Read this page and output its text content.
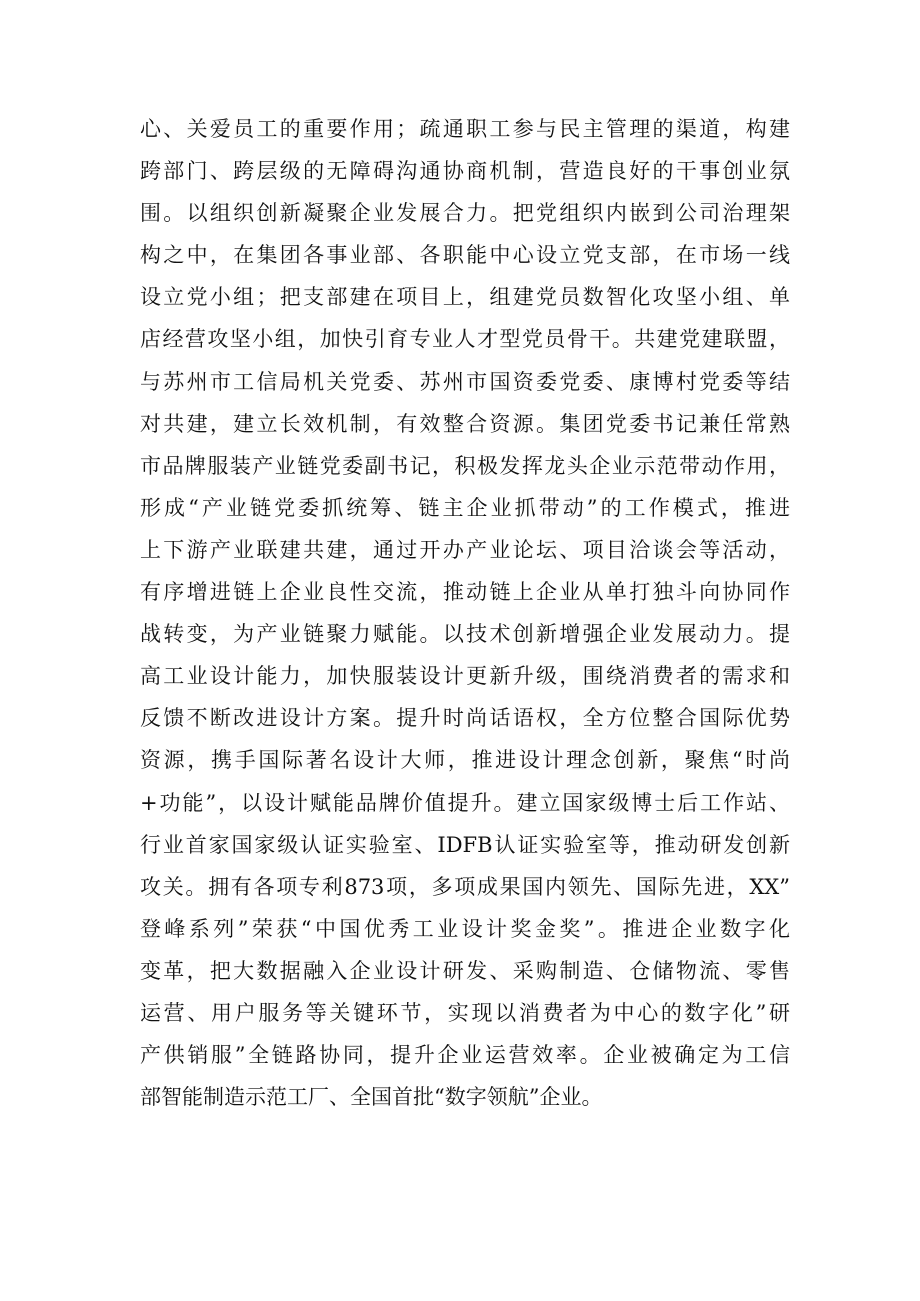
心、关爱员工的重要作用；疏通职工参与民主管理的渠道，构建
跨部门、跨层级的无障碍沟通协商机制，营造良好的干事创业氛
围。以组织创新凝聚企业发展合力。把党组织内嵌到公司治理架
构之中，在集团各事业部、各职能中心设立党支部，在市场一线
设立党小组；把支部建在项目上，组建党员数智化攻坚小组、单
店经营攻坚小组，加快引育专业人才型党员骨干。共建党建联盟，
与苏州市工信局机关党委、苏州市国资委党委、康博村党委等结
对共建，建立长效机制，有效整合资源。集团党委书记兼任常熟
市品牌服装产业链党委副书记，积极发挥龙头企业示范带动作用，
形成“产业链党委抓统筹、链主企业抓带动”的工作模式，推进
上下游产业联建共建，通过开办产业论坛、项目洽谈会等活动，
有序增进链上企业良性交流，推动链上企业从单打独斗向协同作
战转变，为产业链聚力赋能。以技术创新增强企业发展动力。提
高工业设计能力，加快服装设计更新升级，围绕消费者的需求和
反馈不断改进设计方案。提升时尚话语权，全方位整合国际优势
资源，携手国际著名设计大师，推进设计理念创新，聚焦“时尚
+功能”，以设计赋能品牌价值提升。建立国家级博士后工作站、
行业首家国家级认证实验室、IDFB认证实验室等，推动研发创新
攻关。拥有各项专利873项，多项成果国内领先、国际先进，XX”
登峰系列”荣获“中国优秀工业设计奖金奖”。推进企业数字化
变革，把大数据融入企业设计研发、采购制造、仓储物流、零售
运营、用户服务等关键环节，实现以消费者为中心的数字化”研
产供销服”全链路协同，提升企业运营效率。企业被确定为工信
部智能制造示范工厂、全国首批“数字领航”企业。
